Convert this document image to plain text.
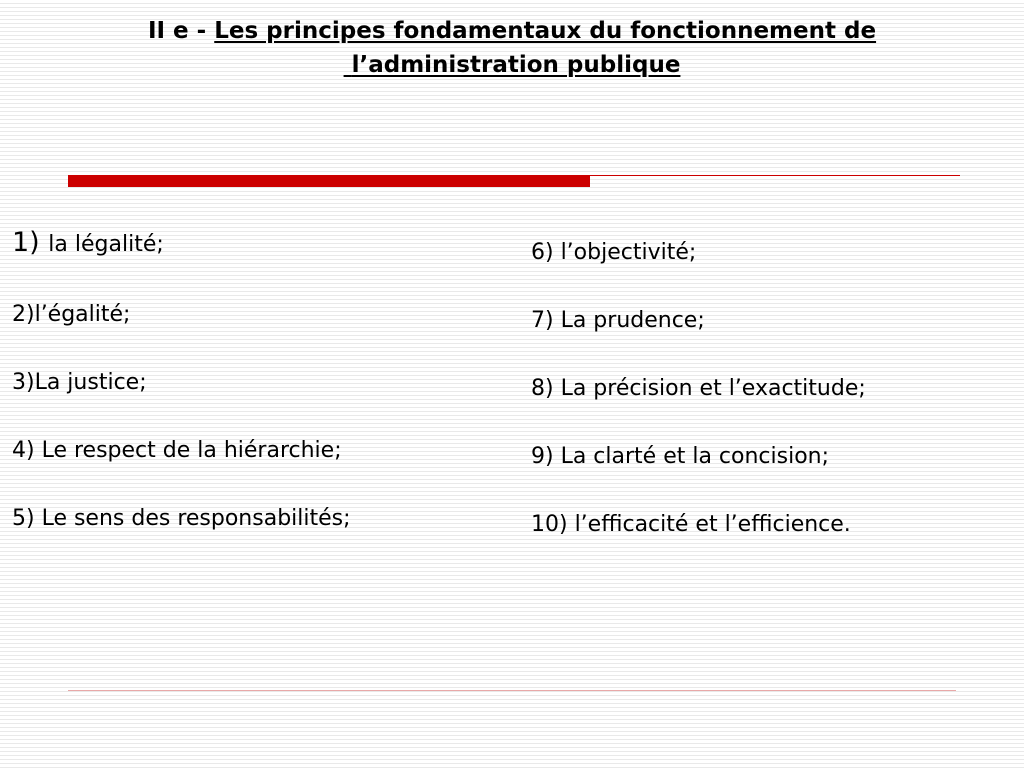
II e - Les principes fondamentaux du fonctionnement de
l’administration publique
1) la légalité;
2)l’égalité;
3)La justice;
4) Le respect de la hiérarchie;
5) Le sens des responsabilités;
6) l’objectivité;
7) La prudence;
8) La précision et l’exactitude;
9) La clarté et la concision;
10) l’efficacité et l’efficience.
